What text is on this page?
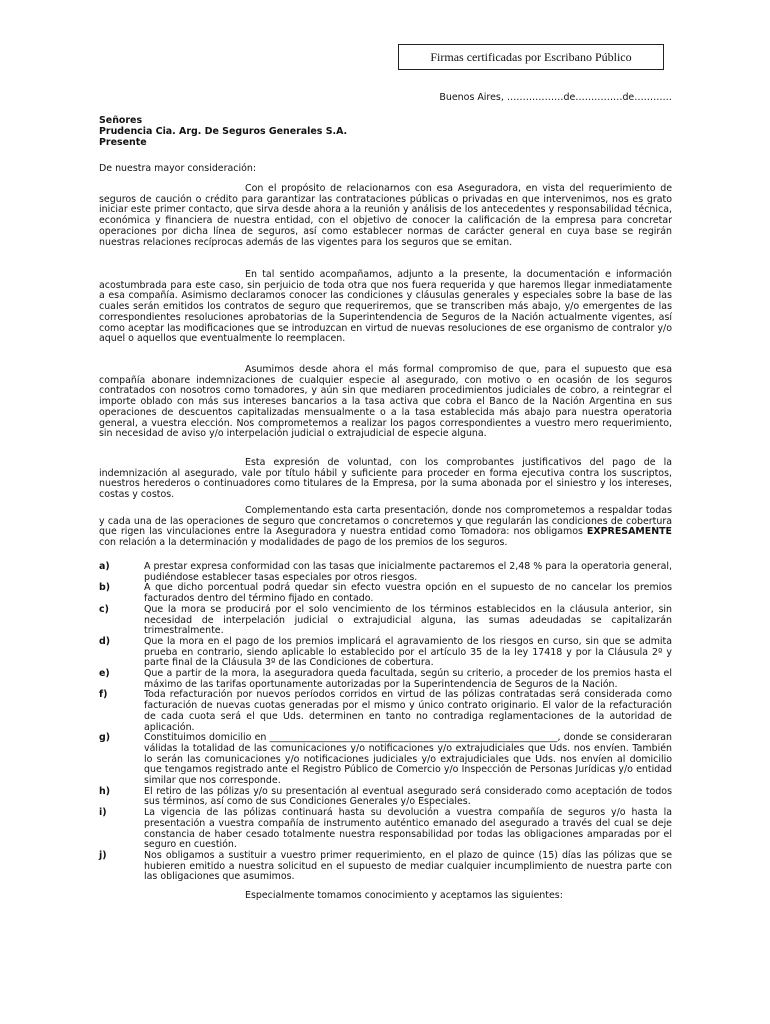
Firmas certificadas por Escribano Público
Buenos Aires, ………………de……………de…………
Señores
Prudencia Cia. Arg. De Seguros Generales S.A.
Presente
De nuestra mayor consideración:

Con el propósito de relacionarnos con esa Aseguradora, en vista del requerimiento de seguros de caución o crédito para garantizar las contrataciones públicas o privadas en que intervenimos, nos es grato iniciar este primer contacto, que sirva desde ahora a la reunión y análisis de los antecedentes y responsabilidad técnica, económica y financiera de nuestra entidad, con el objetivo de conocer la calificación de la empresa para concretar operaciones por dicha línea de seguros, así como establecer normas de carácter general en cuya base se regirán nuestras relaciones recíprocas además de las vigentes para los seguros que se emitan.

En tal sentido acompañamos, adjunto a la presente, la documentación e información acostumbrada para este caso, sin perjuicio de toda otra que nos fuera requerida y que haremos llegar inmediatamente a esa compañía. Asimismo declaramos conocer las condiciones y cláusulas generales y especiales sobre la base de las cuales serán emitidos los contratos de seguro que requeriremos, que se transcriben más abajo, y/o emergentes de las correspondientes resoluciones aprobatorias de la Superintendencia de Seguros de la Nación actualmente vigentes, así como aceptar las modificaciones que se introduzcan en virtud de nuevas resoluciones de ese organismo de contralor y/o aquel o aquellos que eventualmente lo reemplacen.

Asumimos desde ahora el más formal compromiso de que, para el supuesto que esa compañía abonare indemnizaciones de cualquier especie al asegurado, con motivo o en ocasión de los seguros contratados con nosotros como tomadores, y aún sin que mediaren procedimientos judiciales de cobro, a reintegrar el importe oblado con más sus intereses bancarios a la tasa activa que cobra el Banco de la Nación Argentina en sus operaciones de descuentos capitalizadas mensualmente o a la tasa establecida más abajo para nuestra operatoria general, a vuestra elección. Nos comprometemos a realizar los pagos correspondientes a vuestro mero requerimiento, sin necesidad de aviso y/o interpelación judicial o extrajudicial de especie alguna.

Esta expresión de voluntad, con los comprobantes justificativos del pago de la indemnización al asegurado, vale por título hábil y suficiente para proceder en forma ejecutiva contra los suscriptos, nuestros herederos o continuadores como titulares de la Empresa, por la suma abonada por el siniestro y los intereses, costas y costos.

Complementando esta carta presentación, donde nos comprometemos a respaldar todas y cada una de las operaciones de seguro que concretamos o concretemos y que regularán las condiciones de cobertura que rigen las vinculaciones entre la Aseguradora y nuestra entidad como Tomadora: nos obligamos EXPRESAMENTE con relación a la determinación y modalidades de pago de los premios de los seguros.

a)	A prestar expresa conformidad con las tasas que inicialmente pactaremos el 2,48 % para la operatoria general, pudiéndose establecer tasas especiales por otros riesgos.
b)	A que dicho porcentual podrá quedar sin efecto vuestra opción en el supuesto de no cancelar los premios facturados dentro del término fijado en contado.
c)	Que la mora se producirá por el solo vencimiento de los términos establecidos en la cláusula anterior, sin necesidad de interpelación judicial o extrajudicial alguna, las sumas adeudadas se capitalizarán trimestralmente.
d)	Que la mora en el pago de los premios implicará el agravamiento de los riesgos en curso, sin que se admita prueba en contrario, siendo aplicable lo establecido por el artículo 35 de la ley 17418 y por la Cláusula 2º y parte final de la Cláusula 3º de las Condiciones de cobertura.
e)	Que a partir de la mora, la aseguradora queda facultada, según su criterio, a proceder de los premios hasta el máximo de las tarifas oportunamente autorizadas por la Superintendencia de Seguros de la Nación.
f)	Toda refacturación por nuevos períodos corridos en virtud de las pólizas contratadas será considerada como facturación de nuevas cuotas generadas por el mismo y único contrato originario. El valor de la refacturación de cada cuota será el que Uds. determinen en tanto no contradiga reglamentaciones de la autoridad de aplicación.
g)	Constituimos domicilio en _____________________________________________________________, donde se consideraran válidas la totalidad de las comunicaciones y/o notificaciones y/o extrajudiciales que Uds. nos envíen. También lo serán las comunicaciones y/o notificaciones judiciales y/o extrajudiciales que Uds. nos envíen al domicilio que tengamos registrado ante el Registro Público de Comercio y/o Inspección de Personas Jurídicas y/o entidad similar que nos corresponde.
h)	El retiro de las pólizas y/o su presentación al eventual asegurado será considerado como aceptación de todos sus términos, así como de sus Condiciones Generales y/o Especiales.
i)	La vigencia de las pólizas continuará hasta su devolución a vuestra compañía de seguros y/o hasta la presentación a vuestra compañía de instrumento auténtico emanado del asegurado a través del cual se deje constancia de haber cesado totalmente nuestra responsabilidad por todas las obligaciones amparadas por el seguro en cuestión.
j)	Nos obligamos a sustituir a vuestro primer requerimiento, en el plazo de quince (15) días las pólizas que se hubieren emitido a nuestra solicitud en el supuesto de mediar cualquier incumplimiento de nuestra parte con las obligaciones que asumimos.
Especialmente tomamos conocimiento y aceptamos las siguientes:
